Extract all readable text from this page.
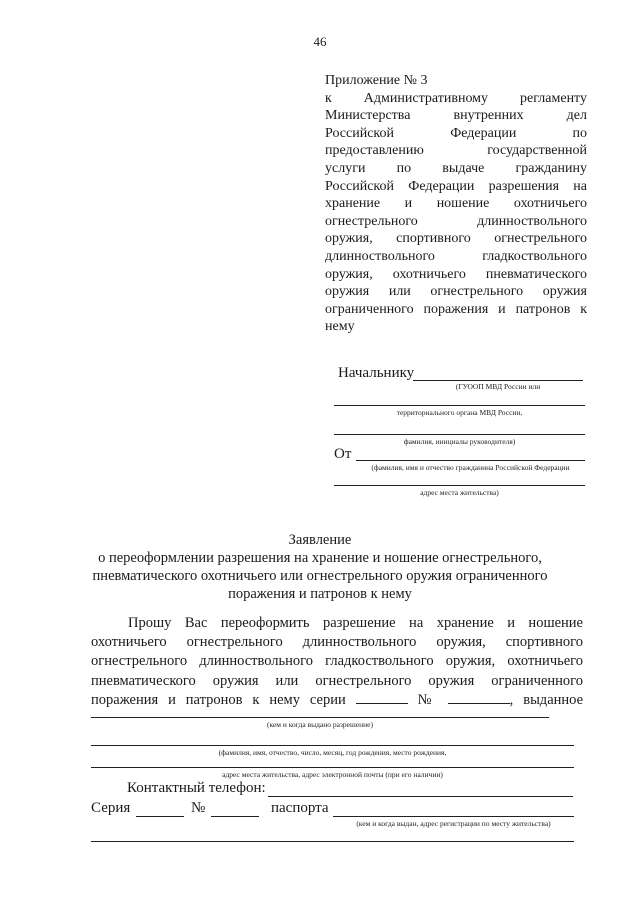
46
Приложение № 3
к Административному регламенту
Министерства внутренних дел
Российской Федерации по
предоставлению государственной
услуги по выдаче гражданину
Российской Федерации разрешения на
хранение и ношение охотничьего
огнестрельного длинноствольного
оружия, спортивного огнестрельного
длинноствольного гладкоствольного
оружия, охотничьего пневматического
оружия или огнестрельного оружия
ограниченного поражения и патронов к
нему
Начальнику
(ГУООП МВД России или
территориального органа МВД России,
фамилия, инициалы руководителя)
От
(фамилия, имя и отчество гражданина Российской Федерации
адрес места жительства)
Заявление
о переоформлении разрешения на хранение и ношение огнестрельного,
пневматического охотничьего или огнестрельного оружия ограниченного
поражения и патронов к нему
Прошу Вас переоформить разрешение на хранение и ношение
охотничьего огнестрельного длинноствольного оружия, спортивного
огнестрельного длинноствольного гладкоствольного оружия, охотничьего
пневматического оружия или огнестрельного оружия ограниченного
поражения и патронов к нему серии	№	, выданное
(кем и когда выдано разрешение)
(фамилия, имя, отчество, число, месяц, год рождения, место рождения,
адрес места жительства, адрес электронной почты (при его наличии)
Контактный телефон:
Серия	№	паспорта
(кем и когда выдан, адрес регистрации по месту жительства)
